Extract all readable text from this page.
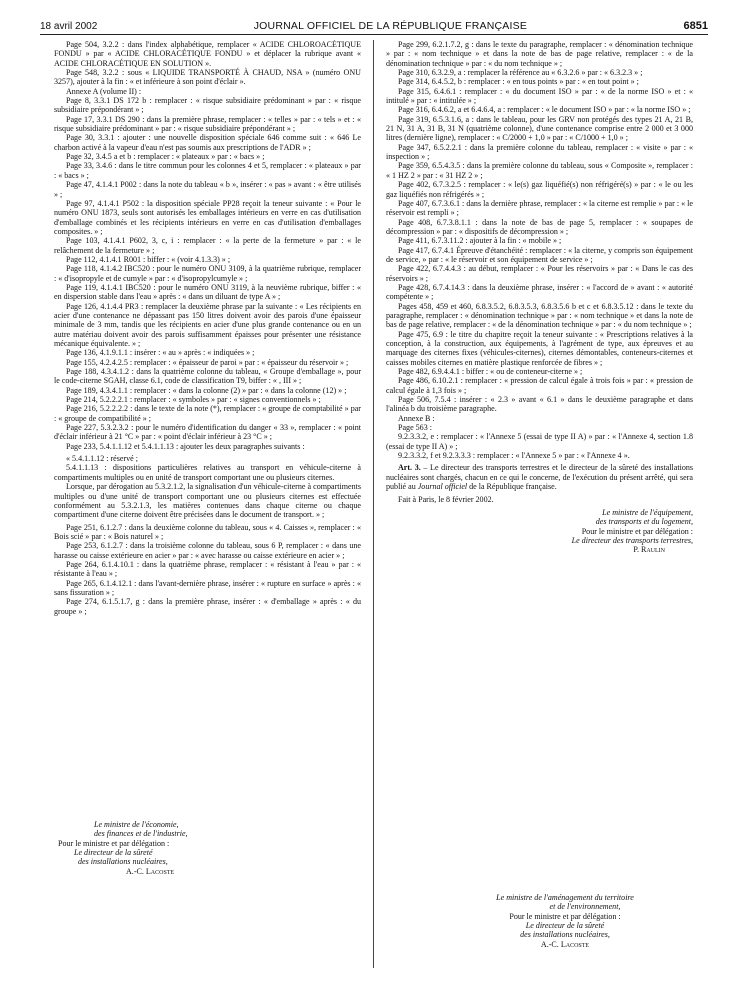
18 avril 2002	JOURNAL OFFICIEL DE LA RÉPUBLIQUE FRANÇAISE	6851

Page 504, 3.2.2 : dans l'index alphabétique, remplacer « ACIDE CHLOROACÉTIQUE FONDU » par « ACIDE CHLORACÉTIQUE FONDU » et déplacer la rubrique avant « ACIDE CHLORACÉTIQUE EN SOLUTION ».

Page 548, 3.2.2 : sous « LIQUIDE TRANSPORTÉ À CHAUD, NSA » (numéro ONU 3257), ajouter à la fin : « et inférieure à son point d'éclair ».

Annexe A (volume II) :

Page 8, 3.3.1 DS 172 b : remplacer : « risque subsidiaire prédominant » par : « risque subsidiaire prépondérant » ;

Page 17, 3.3.1 DS 290 : dans la première phrase, remplacer : « telles » par : « tels » et : « risque subsidiaire prédominant » par : « risque subsidiaire prépondérant » ;

Page 30, 3.3.1 : ajouter : une nouvelle disposition spéciale 646 comme suit : « 646 Le charbon activé à la vapeur d'eau n'est pas soumis aux prescriptions de l'ADR » ;

Page 32, 3.4.5 a et b : remplacer : « plateaux » par : « bacs » ;

Page 33, 3.4.6 : dans le titre commun pour les colonnes 4 et 5, remplacer : « plateaux » par : « bacs » ;

Page 47, 4.1.4.1 P002 : dans la note du tableau « b », insérer : « pas » avant : « être utilisés » ;

Page 97, 4.1.4.1 P502 : la disposition spéciale PP28 reçoit la teneur suivante : « Pour le numéro ONU 1873, seuls sont autorisés les emballages intérieurs en verre en cas d'utilisation d'emballage combinés et les récipients intérieurs en verre en cas d'utilisation d'emballages composites. » ;

Page 103, 4.1.4.1 P602, 3, c, i : remplacer : « la perte de la fermeture » par : « le relâchement de la fermeture » ;

Page 112, 4.1.4.1 R001 : biffer : « (voir 4.1.3.3) » ;

Page 118, 4.1.4.2 IBC520 : pour le numéro ONU 3109, à la quatrième rubrique, remplacer : « d'isopropyle et de cumyle » par : « d'isopropylcumyle » ;

Page 119, 4.1.4.1 IBC520 : pour le numéro ONU 3119, à la neuvième rubrique, biffer : « en dispersion stable dans l'eau » après : « dans un diluant de type A » ;

Page 126, 4.1.4.4 PR3 : remplacer la deuxième phrase par la suivante : « Les récipients en acier d'une contenance ne dépassant pas 150 litres doivent avoir des parois d'une épaisseur minimale de 3 mm, tandis que les récipients en acier d'une plus grande contenance ou en un autre matériau doivent avoir des parois suffisamment épaisses pour présenter une résistance mécanique équivalente. » ;

Page 136, 4.1.9.1.1 : insérer : « au » après : « indiquées » ;

Page 155, 4.2.4.2.5 : remplacer : « épaisseur de paroi » par : « épaisseur du réservoir » ;

Page 188, 4.3.4.1.2 : dans la quatrième colonne du tableau, « Groupe d'emballage », pour le code-citerne SGAH, classe 6.1, code de classification T9, biffer : « , III » ;

Page 189, 4.3.4.1.1 : remplacer : « dans la colonne (2) » par : « dans la colonne (12) » ;

Page 214, 5.2.2.2.1 : remplacer : « symboles » par : « signes conventionnels » ;

Page 216, 5.2.2.2.2 : dans le texte de la note (*), remplacer : « groupe de comptabilité » par : « groupe de compatibilité » ;

Page 227, 5.3.2.3.2 : pour le numéro d'identification du danger « 33 », remplacer : « point d'éclair inférieur à 21 °C » par : « point d'éclair inférieur à 23 °C » ;

Page 233, 5.4.1.1.12 et 5.4.1.1.13 : ajouter les deux paragraphes suivants :

« 5.4.1.1.12 : réservé ;

5.4.1.1.13 : dispositions particulières relatives au transport en véhicule-citerne à compartiments multiples ou en unité de transport comportant une ou plusieurs citernes.

Lorsque, par dérogation au 5.3.2.1.2, la signalisation d'un véhicule-citerne à compartiments multiples ou d'une unité de transport comportant une ou plusieurs citernes est effectuée conformément au 5.3.2.1.3, les matières contenues dans chaque citerne ou chaque compartiment d'une citerne doivent être précisées dans le document de transport. » ;

Page 251, 6.1.2.7 : dans la deuxième colonne du tableau, sous « 4. Caisses », remplacer : « Bois scié » par : « Bois naturel » ;

Page 253, 6.1.2.7 : dans la troisième colonne du tableau, sous 6 P, remplacer : « dans une harasse ou caisse extérieure en acier » par : « avec harasse ou caisse extérieure en acier » ;

Page 264, 6.1.4.10.1 : dans la quatrième phrase, remplacer : « résistant à l'eau » par : « résistante à l'eau » ;

Page 265, 6.1.4.12.1 : dans l'avant-dernière phrase, insérer : « rupture en surface » après : « sans fissuration » ;

Page 274, 6.1.5.1.7, g : dans la première phrase, insérer : « d'emballage » après : « du groupe » ;

Page 299, 6.2.1.7.2, g : dans le texte du paragraphe, remplacer : « dénomination technique » par : « nom technique » et dans la note de bas de page relative, remplacer : « de la dénomination technique » par : « du nom technique » ;

Page 310, 6.3.2.9, a : remplacer la référence au « 6.3.2.6 » par : « 6.3.2.3 » ;

Page 314, 6.4.5.2, b : remplacer : « en tous points » par : « en tout point » ;

Page 315, 6.4.6.1 : remplacer : « du document ISO » par : « de la norme ISO » et : « intitulé » par : « intitulée » ;

Page 316, 6.4.6.2, a et 6.4.6.4, a : remplacer : « le document ISO » par : « la norme ISO » ;

Page 319, 6.5.3.1.6, a : dans le tableau, pour les GRV non protégés des types 21 A, 21 B, 21 N, 31 A, 31 B, 31 N (quatrième colonne), d'une contenance comprise entre 2 000 et 3 000 litres (dernière ligne), remplacer : « C/2000 + 1,0 » par : « C/1000 + 1,0 » ;

Page 347, 6.5.2.2.1 : dans la première colonne du tableau, remplacer : « visite » par : « inspection » ;

Page 359, 6.5.4.3.5 : dans la première colonne du tableau, sous « Composite », remplacer : « 1 HZ 2 » par : « 31 HZ 2 » ;

Page 402, 6.7.3.2.5 : remplacer : « le(s) gaz liquéfié(s) non réfrigéré(s) » par : « le ou les gaz liquéfiés non réfrigérés » ;

Page 407, 6.7.3.6.1 : dans la dernière phrase, remplacer : « la citerne est remplie » par : « le réservoir est rempli » ;

Page 408, 6.7.3.8.1.1 : dans la note de bas de page 5, remplacer : « soupapes de décompression » par : « dispositifs de décompression » ;

Page 411, 6.7.3.11.2 : ajouter à la fin : « mobile » ;

Page 417, 6.7.4.1 Épreuve d'étanchéité : remplacer : « la citerne, y compris son équipement de service, » par : « le réservoir et son équipement de service » ;

Page 422, 6.7.4.4.3 : au début, remplacer : « Pour les réservoirs » par : « Dans le cas des réservoirs » ;

Page 428, 6.7.4.14.3 : dans la deuxième phrase, insérer : « l'accord de » avant : « autorité compétente » ;

Pages 458, 459 et 460, 6.8.3.5.2, 6.8.3.5.3, 6.8.3.5.6 b et c et 6.8.3.5.12 : dans le texte du paragraphe, remplacer : « dénomination technique » par : « nom technique » et dans la note de bas de page relative, remplacer : « de la dénomination technique » par : « du nom technique » ;

Page 475, 6.9 : le titre du chapitre reçoit la teneur suivante : « Prescriptions relatives à la conception, à la construction, aux équipements, à l'agrément de type, aux épreuves et au marquage des citernes fixes (véhicules-citernes), citernes démontables, conteneurs-citernes et caisses mobiles citernes en matière plastique renforcée de fibres » ;

Page 482, 6.9.4.4.1 : biffer : « ou de conteneur-citerne » ;

Page 486, 6.10.2.1 : remplacer : « pression de calcul égale à trois fois » par : « pression de calcul égale à 1,3 fois » ;

Page 506, 7.5.4 : insérer : « 2.3 » avant « 6.1 » dans le deuxième paragraphe et dans l'alinéa b du troisième paragraphe.

Annexe B :

Page 563 :

9.2.3.3.2, e : remplacer : « l'Annexe 5 (essai de type II A) » par : « l'Annexe 4, section 1.8 (essai de type II A) » ;

9.2.3.3.2, f et 9.2.3.3.3 : remplacer : « l'Annexe 5 » par : « l'Annexe 4 ».

Art. 3. – Le directeur des transports terrestres et le directeur de la sûreté des installations nucléaires sont chargés, chacun en ce qui le concerne, de l'exécution du présent arrêté, qui sera publié au Journal officiel de la République française.

Fait à Paris, le 8 février 2002.

Le ministre de l'équipement,

des transports et du logement,

Pour le ministre et par délégation :

Le directeur des transports terrestres,

P. Raulin

Le ministre de l'économie,

des finances et de l'industrie,

Pour le ministre et par délégation :

Le directeur de la sûreté

des installations nucléaires,

A.-C. Lacoste

Le ministre de l'aménagement du territoire

et de l'environnement,

Pour le ministre et par délégation :

Le directeur de la sûreté

des installations nucléaires,

A.-C. Lacoste
